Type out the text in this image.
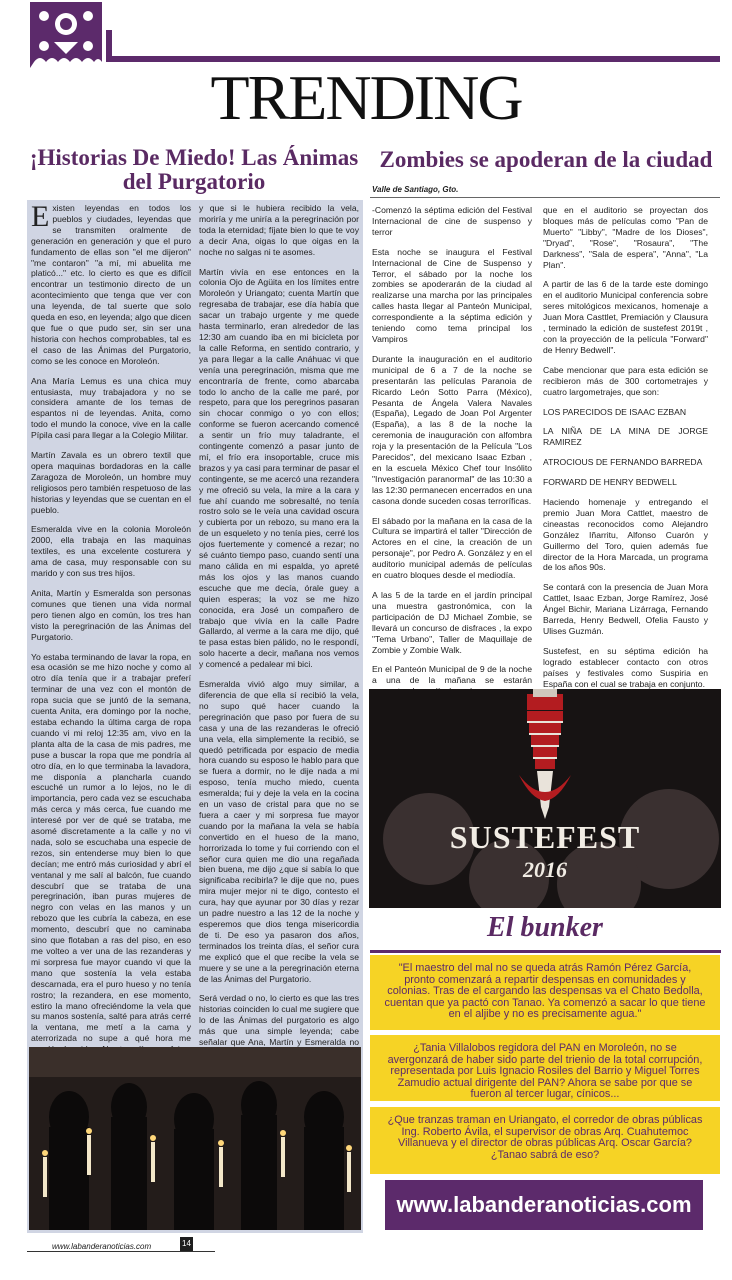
TRENDING
¡Historias De Miedo! Las Ánimas del Purgatorio
Zombies se apoderan de la ciudad
Valle de Santiago, Gto.

Existen leyendas en todos los pueblos y ciudades, leyendas que se transmiten oralmente de generación en generación y que el puro fundamento de ellas son "el me dijeron" "me contaron" "a mí, mi abuelita me platicó..." etc. lo cierto es que es difícil encontrar un testimonio directo de un acontecimiento que tenga que ver con una leyenda, de tal suerte que solo queda en eso, en leyenda; algo que dicen que fue o que pudo ser, sin ser una historia con hechos comprobables, tal es el caso de las Ánimas del Purgatorio, como se les conoce en Moroleón.

Ana María Lemus es una chica muy entusiasta, muy trabajadora y no se considera amante de los temas de espantos ni de leyendas. Anita, como todo el mundo la conoce, vive en la calle Pípila casi para llegar a la Colegio Militar.

Martín Zavala es un obrero textil que opera maquinas bordadoras en la calle Zaragoza de Moroleón, un hombre muy religiosos pero también respetuoso de las historias y leyendas que se cuentan en el pueblo.

Esmeralda vive en la colonia Moroleón 2000, ella trabaja en las maquinas textiles, es una excelente costurera y ama de casa, muy responsable con su marido y con sus tres hijos.

Anita, Martín y Esmeralda son personas comunes que tienen una vida normal pero tienen algo en común, los tres han visto la peregrinación de las Ánimas del Purgatorio.

Yo estaba terminando de lavar la ropa, en esa ocasión se me hizo noche y como al otro día tenía que ir a trabajar preferí terminar de una vez con el montón de ropa sucia que se juntó de la semana, cuenta Anita, era domingo por la noche, estaba echando la última carga de ropa cuando vi mi reloj 12:35 am, vivo en la planta alta de la casa de mis padres, me puse a buscar la ropa que me pondría al otro día, en lo que terminaba la lavadora, me disponía a plancharla cuando escuché un rumor a lo lejos, no le di importancia, pero cada vez se escuchaba más cerca y más cerca, fue cuando me interesé por ver de qué se trataba, me asomé discretamente a la calle y no vi nada, solo se escuchaba una especie de rezos, sin entenderse muy bien lo que decían; me entró más curiosidad y abrí el ventanal y me salí al balcón, fue cuando descubrí que se trataba de una peregrinación, iban puras mujeres de negro con velas en las manos y un rebozo que les cubría la cabeza, en ese momento, descubrí que no caminaba sino que flotaban a ras del piso, en eso me volteo a ver una de las rezanderas y mi sorpresa fue mayor cuando vi que la mano que sostenía la vela estaba descarnada, era el puro hueso y no tenía rostro; la rezandera, en ese momento, estiro la mano ofreciéndome la vela que su manos sostenía, salté para atrás cerré la ventana, me metí a la cama y aterrorizada no supe a qué hora me

y que si le hubiera recibido la vela, moriría y me uniría a la peregrinación por toda la eternidad; fíjate bien lo que te voy a decir Ana, oigas lo que oigas en la noche no salgas ni te asomes.

Martín vivía en ese entonces en la colonia Ojo de Agüita en los límites entre Moroleón y Uriangato; cuenta Martín que regresaba de trabajar, ese día había que sacar un trabajo urgente y me quede hasta terminarlo, eran alrededor de las 12:30 am cuando iba en mi bicicleta por la calle Reforma, en sentido contrario, y ya para llegar a la calle Anáhuac vi que venía una peregrinación, misma que me encontraría de frente, como abarcaba todo lo ancho de la calle me paré, por respeto, para que los peregrinos pasaran sin chocar conmigo o yo con ellos; conforme se fueron acercando comencé a sentir un frío muy taladrante, el contingente comenzó a pasar junto de mí, el frío era insoportable, cruce mis brazos y ya casi para terminar de pasar el contingente, se me acercó una rezandera y me ofreció su vela, la mire a la cara y fue ahí cuando me sobresalté, no tenía rostro solo se le veía una cavidad oscura y cubierta por un rebozo, su mano era la de un esqueleto y no tenía pies, cerré los ojos fuertemente y comencé a rezar; no sé cuánto tiempo paso, cuando sentí una mano cálida en mi espalda, yo apreté más los ojos y las manos cuando escuche que me decía, órale guey a quien esperas; la voz se me hizo conocida, era José un compañero de trabajo que vivía en la calle Padre Gallardo, al verme a la cara me dijo, qué te pasa estas bien pálido, no le respondí, solo hacerte a decir, mañana nos vemos y comencé a pedalear mi bici.

Esmeralda vivió algo muy similar, a diferencia de que ella sí recibió la vela, no supo qué hacer cuando la peregrinación que paso por fuera de su casa y una de las rezanderas le ofreció una vela, ella simplemente la recibió, se quedó petrificada por espacio de media hora cuando su esposo le hablo para que se fuera a dormir, no le dije nada a mi esposo, tenía mucho miedo, cuenta esmeralda; fui y deje la vela en la cocina en un vaso de cristal para que no se fuera a caer y mi sorpresa fue mayor cuando por la mañana la vela se había convertido en el hueso de la mano, horrorizada lo tome y fui corriendo con el señor cura quien me dio una regañada bien buena, me dijo ¿que si sabía lo que significaba recibirla? le dije que no, pues mira mujer mejor ni te digo, contesto el cura, hay que ayunar por 30 días y rezar un padre nuestro a las 12 de la noche y esperemos que dios tenga misericordia de ti. De eso ya pasaron dos años, terminados los treinta días, el señor cura me explicó que el que recibe la vela se muere y se une a la peregrinación eterna de las Ánimas del Purgatorio.

Será verdad o no, lo cierto es que las tres historias coinciden lo cual me sugiere que lo de las Ánimas del purgatorio es algo más que una simple leyenda; cabe señalar que Ana, Martín y Esmeralda no

-Comenzó la séptima edición del Festival Internacional de cine de suspenso y terror

Esta noche se inaugura el Festival Internacional de Cine de Suspenso y Terror, el sábado por la noche los zombies se apoderarán de la ciudad al realizarse una marcha por las principales calles hasta llegar al Panteón Municipal, correspondiente a la séptima edición y teniendo como tema principal los Vampiros

Durante la inauguración en el auditorio municipal de 6 a 7 de la noche se presentarán las películas Paranoia de Ricardo León Sotto Parra (México), Pesanta de Ángela Valera Navales (España), Legado de Joan Pol Argenter (España), a las 8 de la noche la ceremonia de inauguración con alfombra roja y la presentación de la Película "Los Parecidos", del mexicano Isaac Ezban , en la escuela México Chef tour Insólito "Investigación paranormal" de las 10:30 a las 12:30 permanecen encerrados en una casona donde suceden cosas terroríficas.

El sábado por la mañana en la casa de la Cultura se impartirá el taller "Dirección de Actores en el cine, la creación de un personaje", por Pedro A. González y en el auditorio municipal además de películas en cuatro bloques desde el mediodía.

A las 5 de la tarde en el jardín principal una muestra gastronómica, con la participación de DJ Michael Zombie, se llevará un concurso de disfraces , la expo "Tema Urbano", Taller de Maquillaje de Zombie y Zombie Walk.

En el Panteón Municipal de 9 de la noche a una de la mañana se estarán

que en el auditorio se proyectan dos bloques más de películas como "Pan de Muerto" "Libby", "Madre de los Dioses", "Dryad", "Rose", "Rosaura", "The Darkness", "Sala de espera", "Anna", "La Plan".

A partir de las 6 de la tarde este domingo en el auditorio Municipal conferencia sobre seres mitológicos mexicanos, homenaje a Juan Mora Casttlet, Premiación y Clausura , terminado la edición de sustefest 2019t , con la proyección de la película "Forward" de Henry Bedwell".

Cabe mencionar que para esta edición se recibieron más de 300 cortometrajes y cuatro largometrajes, que son:

LOS PARECIDOS DE ISAAC EZBAN

LA NIÑA DE LA MINA DE JORGE RAMIREZ

ATROCIOUS DE FERNANDO BARREDA

FORWARD DE HENRY BEDWELL

Haciendo homenaje y entregando el premio Juan Mora Cattlet, maestro de cineastas reconocidos como Alejandro González Iñarritu, Alfonso Cuarón y Guillermo del Toro, quien además fue director de la Hora Marcada, un programa de los años 90s.

Se contará con la presencia de Juan Mora Cattlet, Isaac Ezban, Jorge Ramírez, José Ángel Bichir, Mariana Lizárraga, Fernando Barreda, Henry Bedwell, Ofelia Fausto y Ulises Guzmán.

Sustefest, en su séptima edición ha logrado establecer contacto con otros países y festivales como Suspiria en España con el cual se trabaja en conjunto.

SUSTEFEST
2016
El bunker
"El maestro del mal no se queda atrás Ramón Pérez García, pronto comenzará a repartir despensas en comunidades y colonias. Tras de el cargando las despensas va el Chato Bedolla, cuentan que ya pactó con Tanao. Ya comenzó a sacar lo que tiene en el aljibe y no es precisamente agua."
¿Tania Villalobos regidora del PAN en Moroleón, no se avergonzará de haber sido parte del trienio de la total corrupción, representada por Luis Ignacio Rosiles del Barrio y Miguel Torres Zamudio actual dirigente del PAN? Ahora se sabe por que se fueron al tercer lugar, cínicos...
¿Que tranzas traman en Uriangato, el corredor de obras públicas Ing. Roberto Ávila, el supervisor de obras Arq. Cuahutemoc Villanueva y el director de obras públicas Arq. Oscar García? ¿Tanao sabrá de eso?
www.labanderanoticias.com
www.labanderanoticias.com	14
